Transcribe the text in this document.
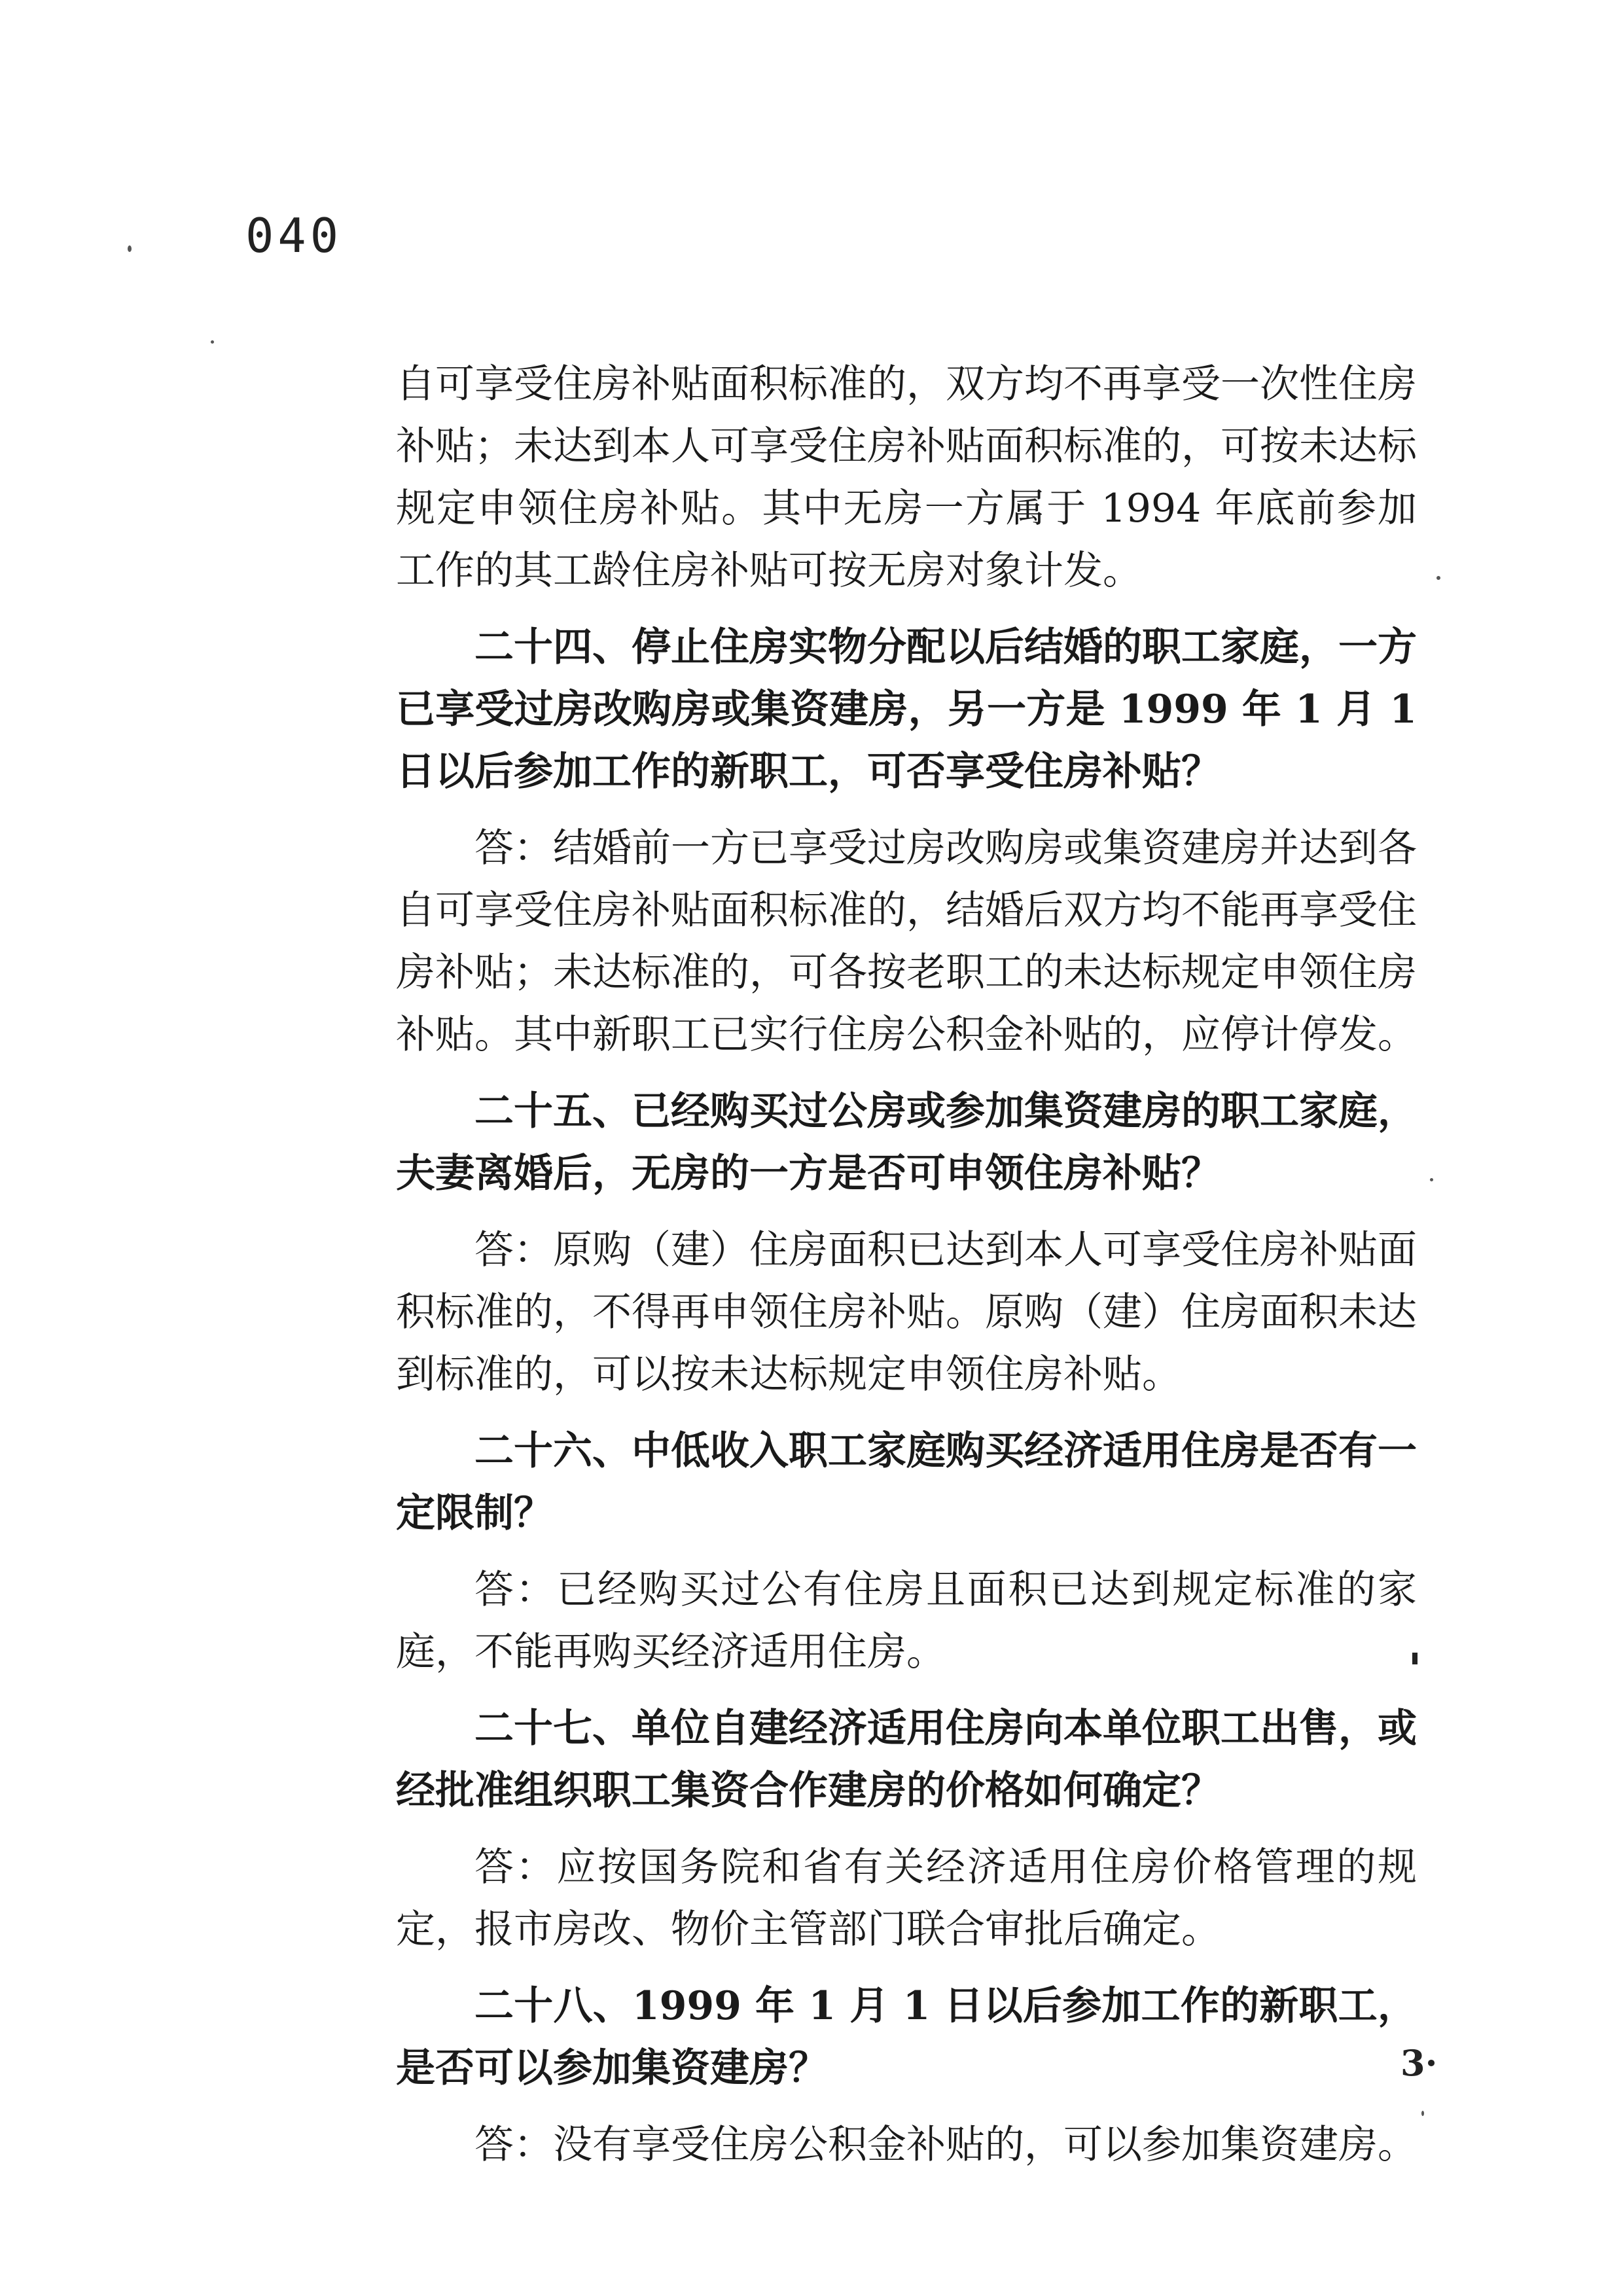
040

自可享受住房补贴面积标准的，双方均不再享受一次性住房补贴；未达到本人可享受住房补贴面积标准的，可按未达标规定申领住房补贴。其中无房一方属于 1994 年底前参加工作的其工龄住房补贴可按无房对象计发。

二十四、停止住房实物分配以后结婚的职工家庭，一方已享受过房改购房或集资建房，另一方是 1999 年 1 月 1 日以后参加工作的新职工，可否享受住房补贴？

答：结婚前一方已享受过房改购房或集资建房并达到各自可享受住房补贴面积标准的，结婚后双方均不能再享受住房补贴；未达标准的，可各按老职工的未达标规定申领住房补贴。其中新职工已实行住房公积金补贴的，应停计停发。

二十五、已经购买过公房或参加集资建房的职工家庭，夫妻离婚后，无房的一方是否可申领住房补贴？

答：原购（建）住房面积已达到本人可享受住房补贴面积标准的，不得再申领住房补贴。原购（建）住房面积未达到标准的，可以按未达标规定申领住房补贴。

二十六、中低收入职工家庭购买经济适用住房是否有一定限制？

答：已经购买过公有住房且面积已达到规定标准的家庭，不能再购买经济适用住房。

二十七、单位自建经济适用住房向本单位职工出售，或经批准组织职工集资合作建房的价格如何确定？

答：应按国务院和省有关经济适用住房价格管理的规定，报市房改、物价主管部门联合审批后确定。

二十八、1999 年 1 月 1 日以后参加工作的新职工，是否可以参加集资建房？

答：没有享受住房公积金补贴的，可以参加集资建房。

3·
